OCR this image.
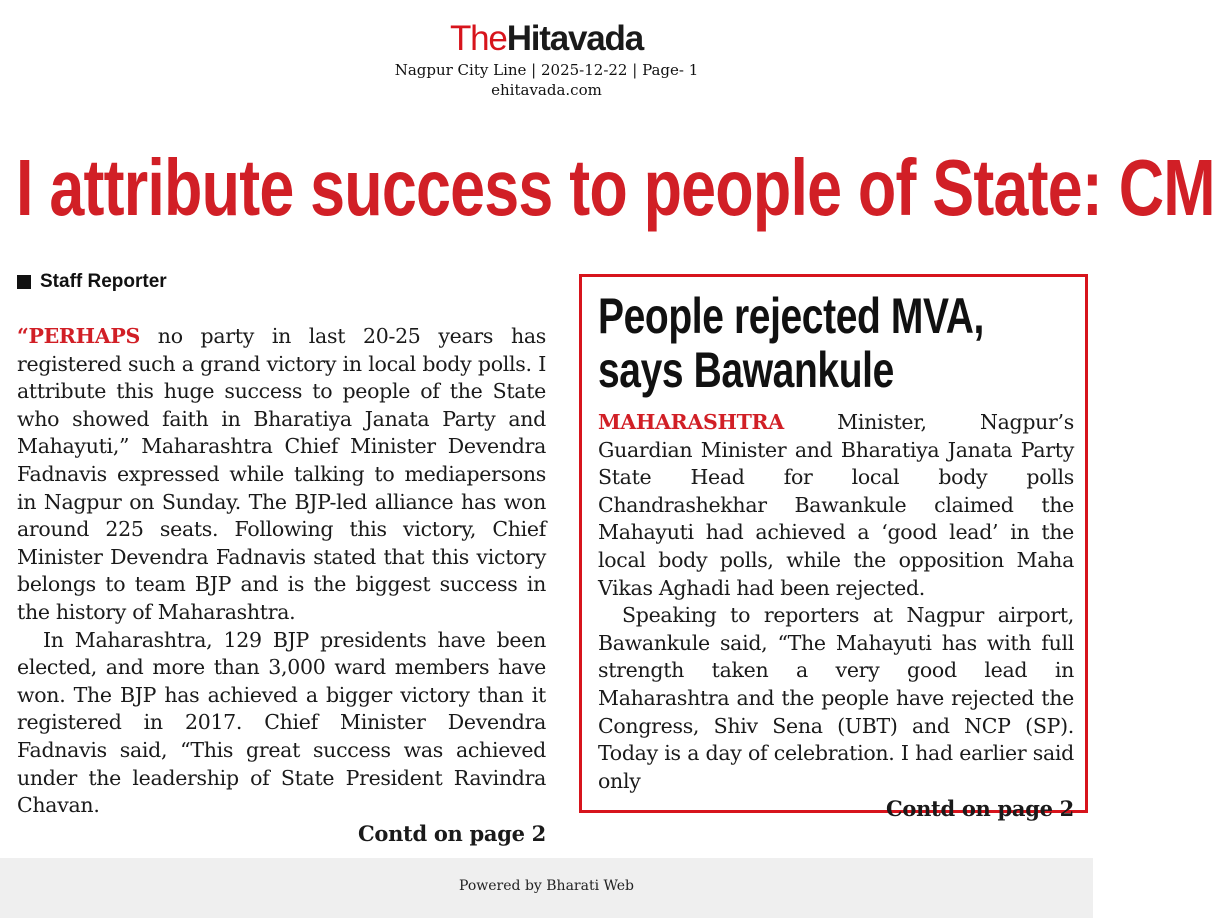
TheHitavada
Nagpur City Line | 2025-12-22 | Page- 1
ehitavada.com
I attribute success to people of State: CM
Staff Reporter

“PERHAPS no party in last 20-25 years has registered such a grand victory in local body polls. I attribute this huge success to people of the State who showed faith in Bharatiya Janata Party and Mahayuti,” Maharashtra Chief Minister Devendra Fadnavis expressed while talking to mediapersons in Nagpur on Sunday. The BJP-led alliance has won around 225 seats. Following this victory, Chief Minister Devendra Fadnavis stated that this victory belongs to team BJP and is the biggest success in the history of Maharashtra.

In Maharashtra, 129 BJP presidents have been elected, and more than 3,000 ward members have won. The BJP has achieved a bigger victory than it registered in 2017. Chief Minister Devendra Fadnavis said, “This great success was achieved under the leadership of State President Ravindra Chavan.

Contd on page 2
People rejected MVA,
says Bawankule

MAHARASHTRA Minister, Nagpur’s Guardian Minister and Bharatiya Janata Party State Head for local body polls Chandrashekhar Bawankule claimed the Mahayuti had achieved a ‘good lead’ in the local body polls, while the opposition Maha Vikas Aghadi had been rejected.

Speaking to reporters at Nagpur airport, Bawankule said, “The Mahayuti has with full strength taken a very good lead in Maharashtra and the people have rejected the Congress, Shiv Sena (UBT) and NCP (SP). Today is a day of celebration. I had earlier said only

Contd on page 2
Powered by Bharati Web
